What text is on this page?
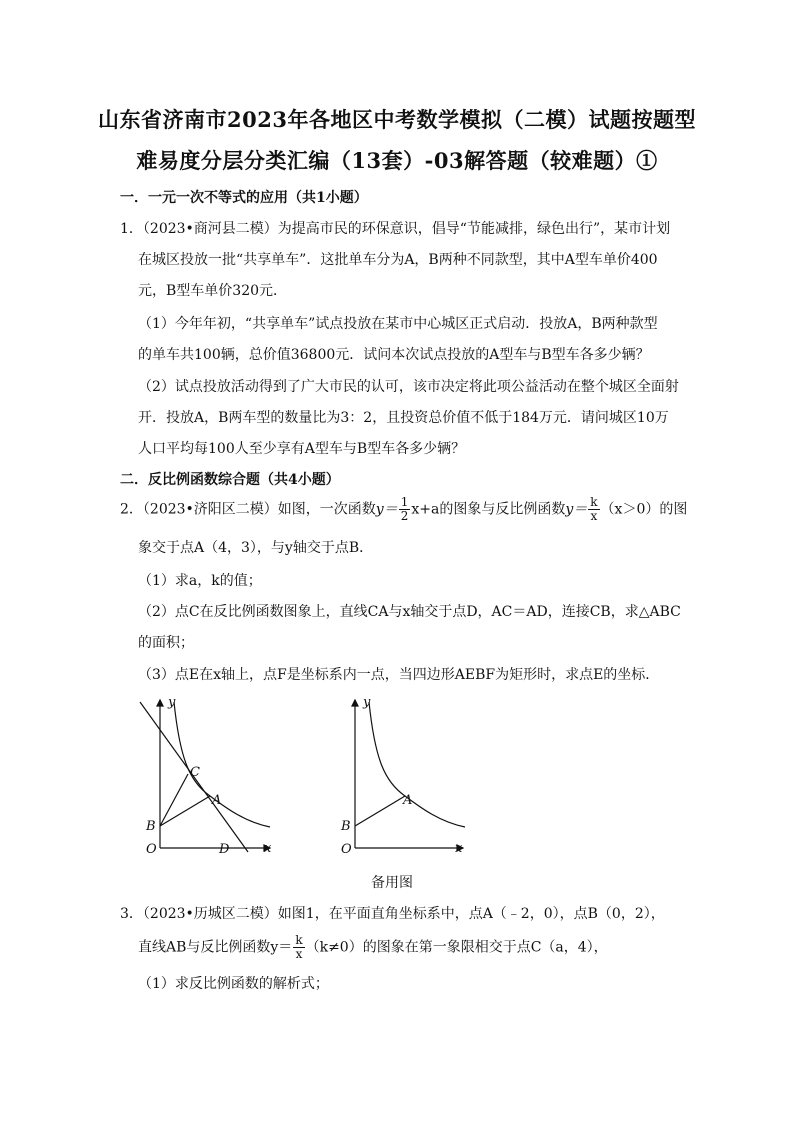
山东省济南市2023年各地区中考数学模拟（二模）试题按题型
难易度分层分类汇编（13套）-03解答题（较难题）①
一．一元一次不等式的应用（共1小题）
1．（2023•商河县二模）为提高市民的环保意识，倡导“节能减排，绿色出行”，某市计划
在城区投放一批“共享单车”．这批单车分为A，B两种不同款型，其中A型车单价400
元，B型车单价320元．
（1）今年年初，“共享单车”试点投放在某市中心城区正式启动．投放A，B两种款型
的单车共100辆，总价值36800元．试问本次试点投放的A型车与B型车各多少辆？
（2）试点投放活动得到了广大市民的认可，该市决定将此项公益活动在整个城区全面射
开．投放A，B两车型的数量比为3：2，且投资总价值不低于184万元．请问城区10万
人口平均每100人至少享有A型车与B型车各多少辆？
二．反比例函数综合题（共4小题）
2．（2023•济阳区二模）如图，一次函数$y= \frac{1}{2} x+a$的图象与反比例函数$y= \frac{k}{x} (x>0)$的图
象交于点A（4，3），与y轴交于点B．
（1）求a，k的值；
（2）点C在反比例函数图象上，直线CA与x轴交于点D，AC＝AD，连接CB，求△ABC
的面积；
（3）点E在x轴上，点F是坐标系内一点，当四边形AEBF为矩形时，求点E的坐标．
y
x
O
B
A
C
D
y
x
O
B
A
备用图
3．（2023•历城区二模）如图1，在平面直角坐标系中，点A（﹣2，0），点B（0，2），
直线AB与反比例函数$y= \frac{k}{x} (k\ne 0)$的图象在第一象限相交于点C（a，4），
（1）求反比例函数的解析式；
